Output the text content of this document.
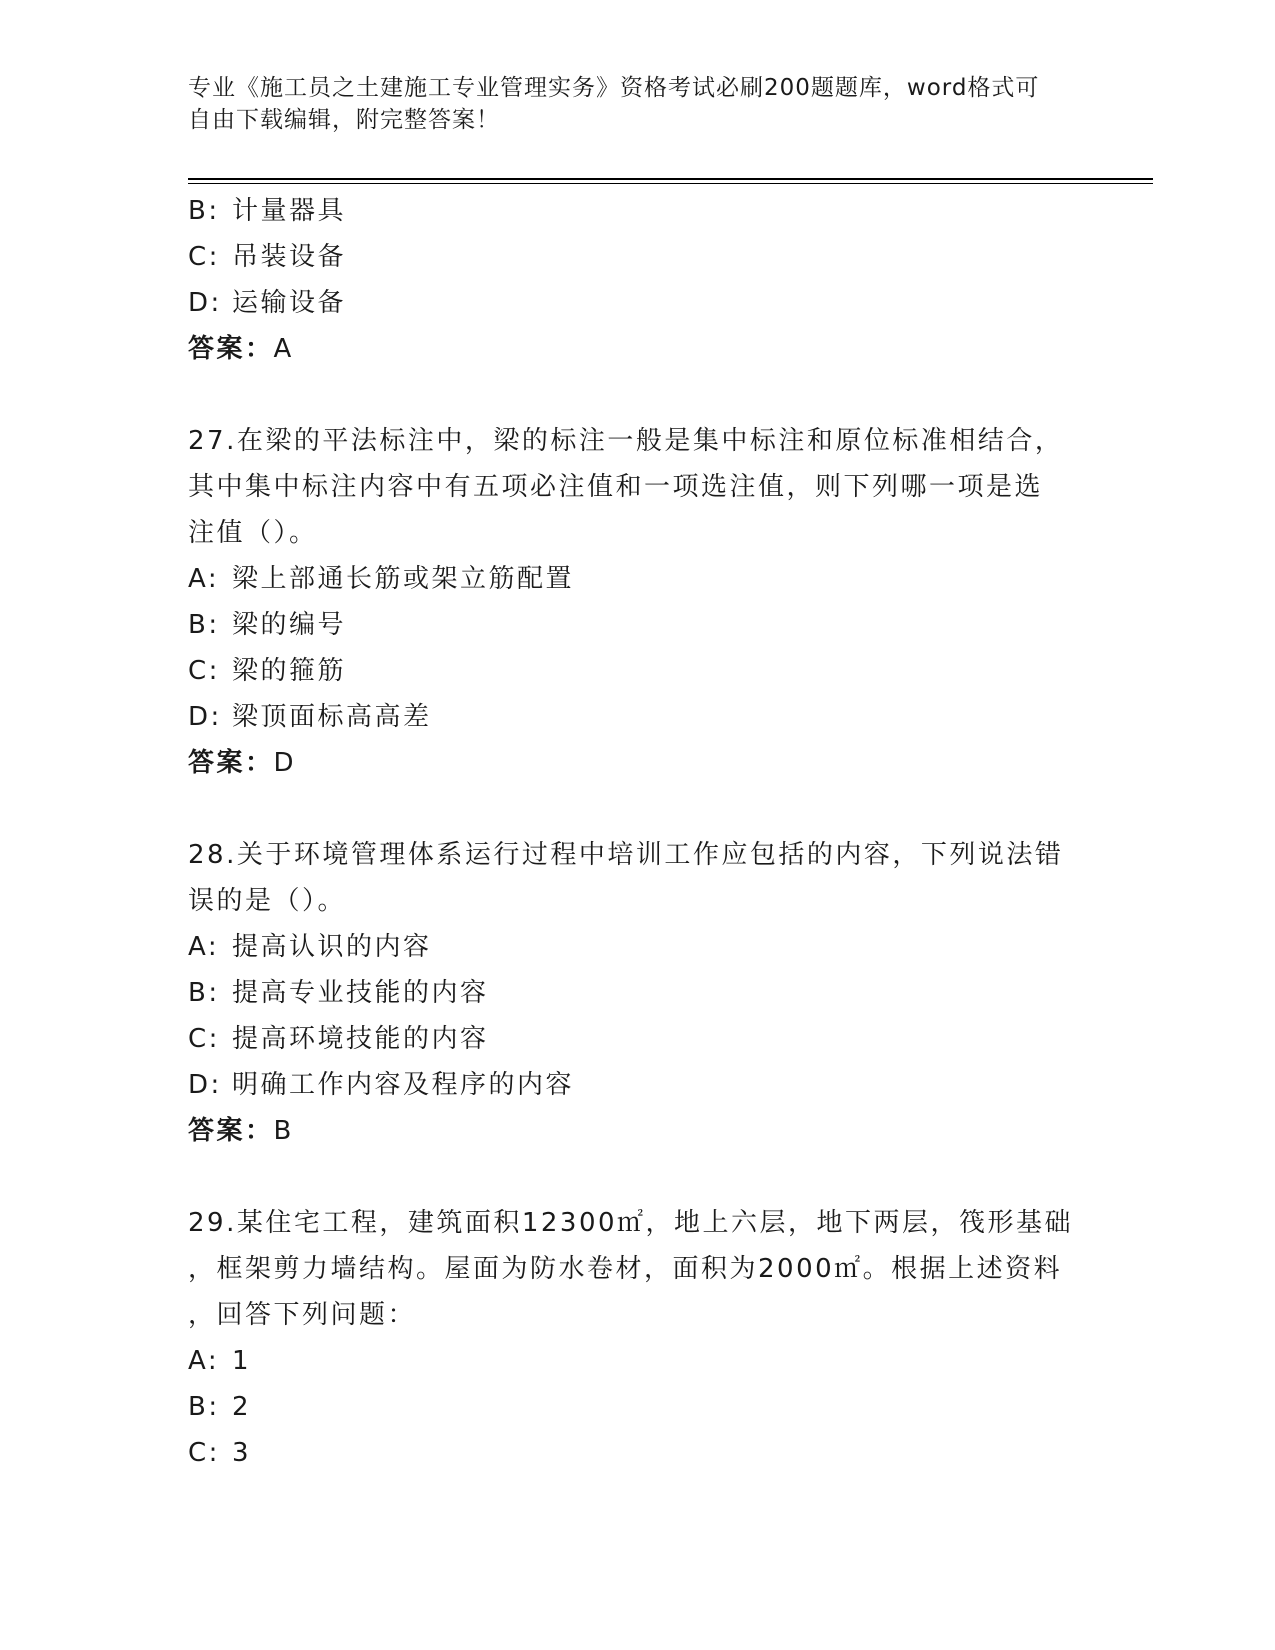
专业《施工员之土建施工专业管理实务》资格考试必刷200题题库，word格式可
自由下载编辑，附完整答案！
B: 计量器具
C: 吊装设备
D: 运输设备
答案：A
27.在梁的平法标注中，梁的标注一般是集中标注和原位标准相结合，
其中集中标注内容中有五项必注值和一项选注值，则下列哪一项是选
注值（）。
A: 梁上部通长筋或架立筋配置
B: 梁的编号
C: 梁的箍筋
D: 梁顶面标高高差
答案：D
28.关于环境管理体系运行过程中培训工作应包括的内容，下列说法错
误的是（）。
A: 提高认识的内容
B: 提高专业技能的内容
C: 提高环境技能的内容
D: 明确工作内容及程序的内容
答案：B
29.某住宅工程，建筑面积12300㎡，地上六层，地下两层，筏形基础
，框架剪力墙结构。屋面为防水卷材，面积为2000㎡。根据上述资料
，回答下列问题：
A: 1
B: 2
C: 3
